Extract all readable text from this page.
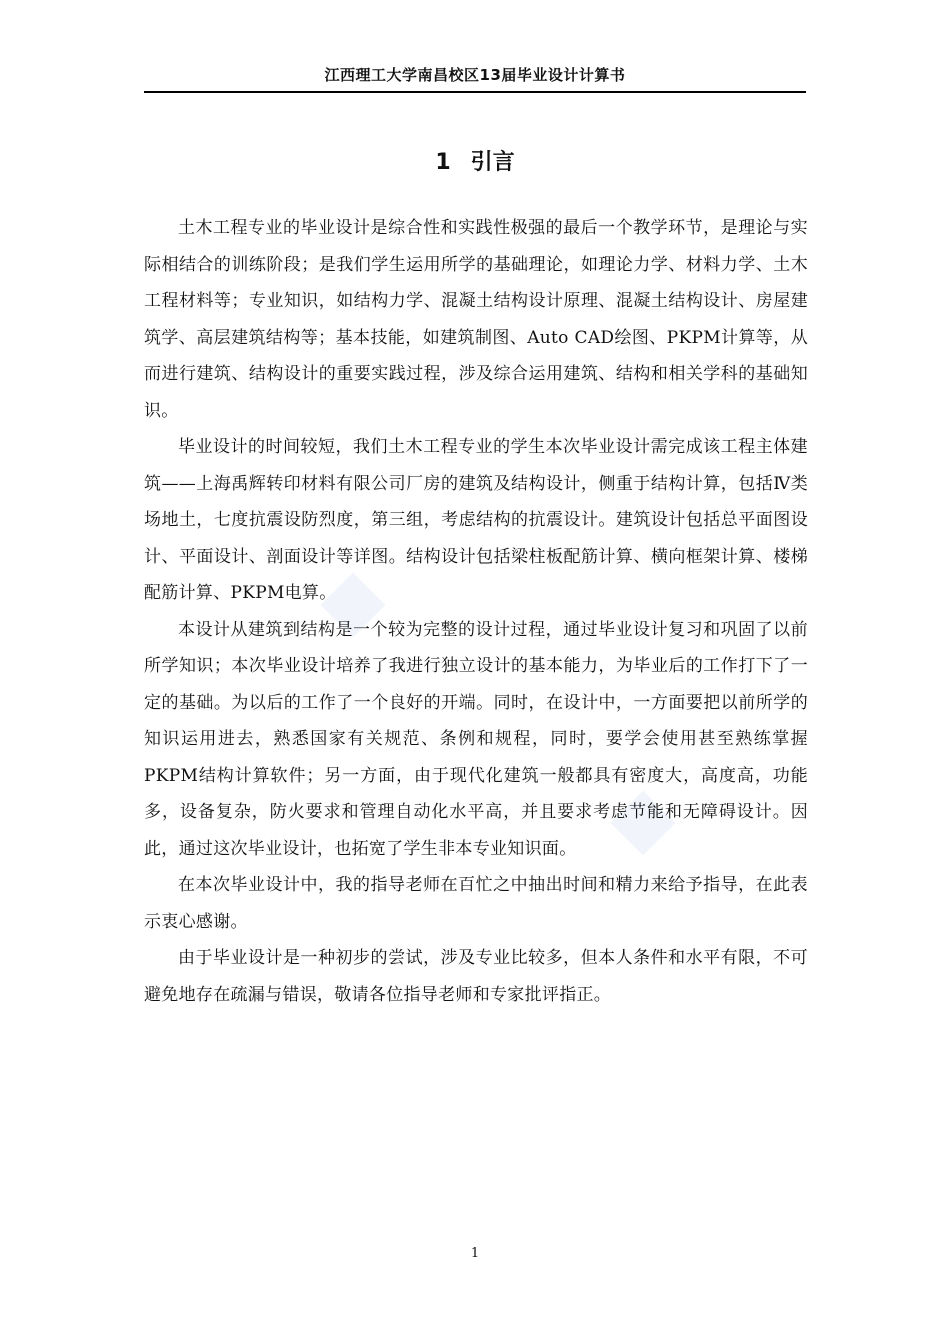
江西理工大学南昌校区13届毕业设计计算书
1 引言

土木工程专业的毕业设计是综合性和实践性极强的最后一个教学环节，是理论与实际相结合的训练阶段；是我们学生运用所学的基础理论，如理论力学、材料力学、土木工程材料等；专业知识，如结构力学、混凝土结构设计原理、混凝土结构设计、房屋建筑学、高层建筑结构等；基本技能，如建筑制图、Auto CAD绘图、PKPM计算等，从而进行建筑、结构设计的重要实践过程，涉及综合运用建筑、结构和相关学科的基础知识。

毕业设计的时间较短，我们土木工程专业的学生本次毕业设计需完成该工程主体建筑——上海禹辉转印材料有限公司厂房的建筑及结构设计，侧重于结构计算，包括Ⅳ类场地土，七度抗震设防烈度，第三组，考虑结构的抗震设计。建筑设计包括总平面图设计、平面设计、剖面设计等详图。结构设计包括梁柱板配筋计算、横向框架计算、楼梯配筋计算、PKPM电算。

本设计从建筑到结构是一个较为完整的设计过程，通过毕业设计复习和巩固了以前所学知识；本次毕业设计培养了我进行独立设计的基本能力，为毕业后的工作打下了一定的基础。为以后的工作了一个良好的开端。同时，在设计中，一方面要把以前所学的知识运用进去，熟悉国家有关规范、条例和规程，同时，要学会使用甚至熟练掌握PKPM结构计算软件；另一方面，由于现代化建筑一般都具有密度大，高度高，功能多，设备复杂，防火要求和管理自动化水平高，并且要求考虑节能和无障碍设计。因此，通过这次毕业设计，也拓宽了学生非本专业知识面。

在本次毕业设计中，我的指导老师在百忙之中抽出时间和精力来给予指导，在此表示衷心感谢。

由于毕业设计是一种初步的尝试，涉及专业比较多，但本人条件和水平有限，不可避免地存在疏漏与错误，敬请各位指导老师和专家批评指正。

1
